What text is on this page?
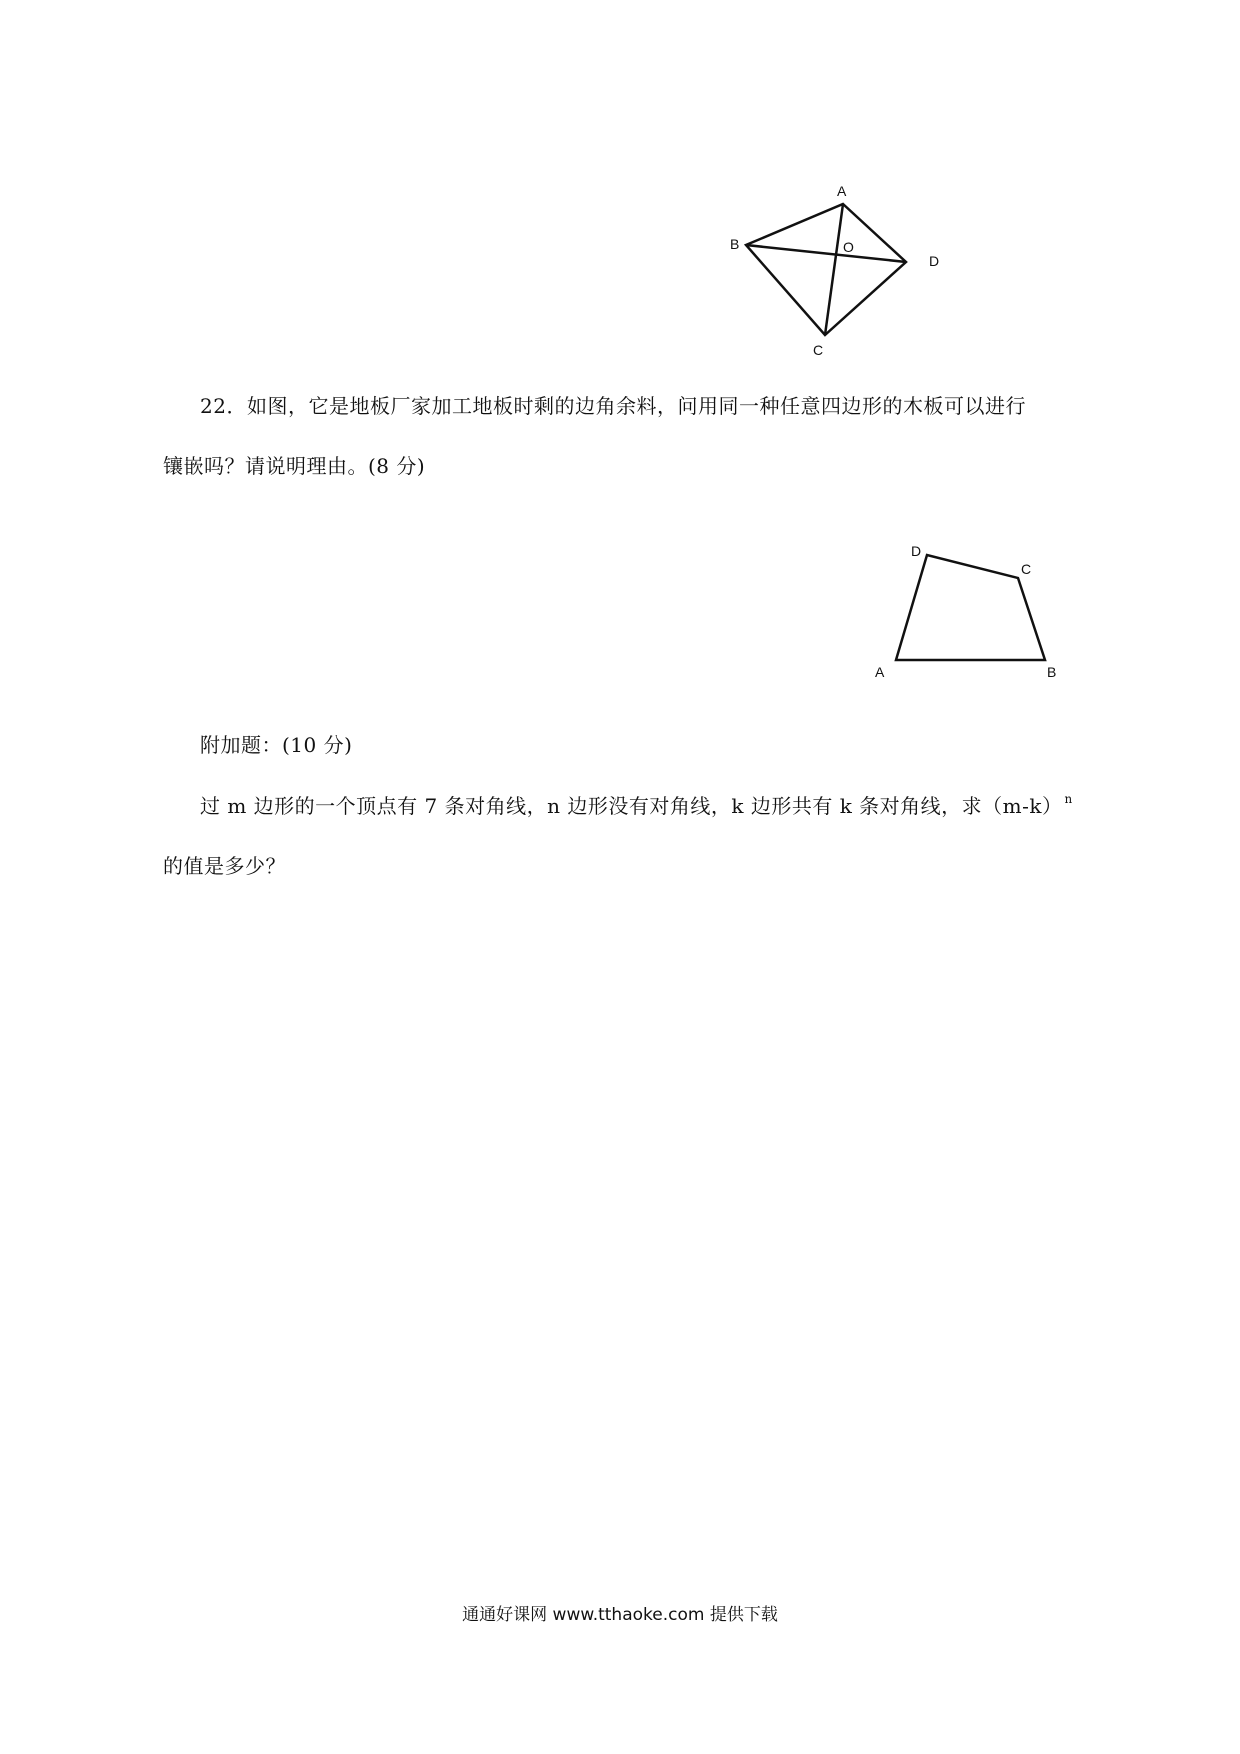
A
B
C
D
O
22．如图，它是地板厂家加工地板时剩的边角余料，问用同一种任意四边形的木板可以进行
镶嵌吗？请说明理由。(8 分)
A	B
C
D
附加题：(10 分)
过 m 边形的一个顶点有 7 条对角线，n 边形没有对角线，k 边形共有 k 条对角线，求（m-k） $^n$
的值是多少？
通通好课网 www.tthaoke.com 提供下载
